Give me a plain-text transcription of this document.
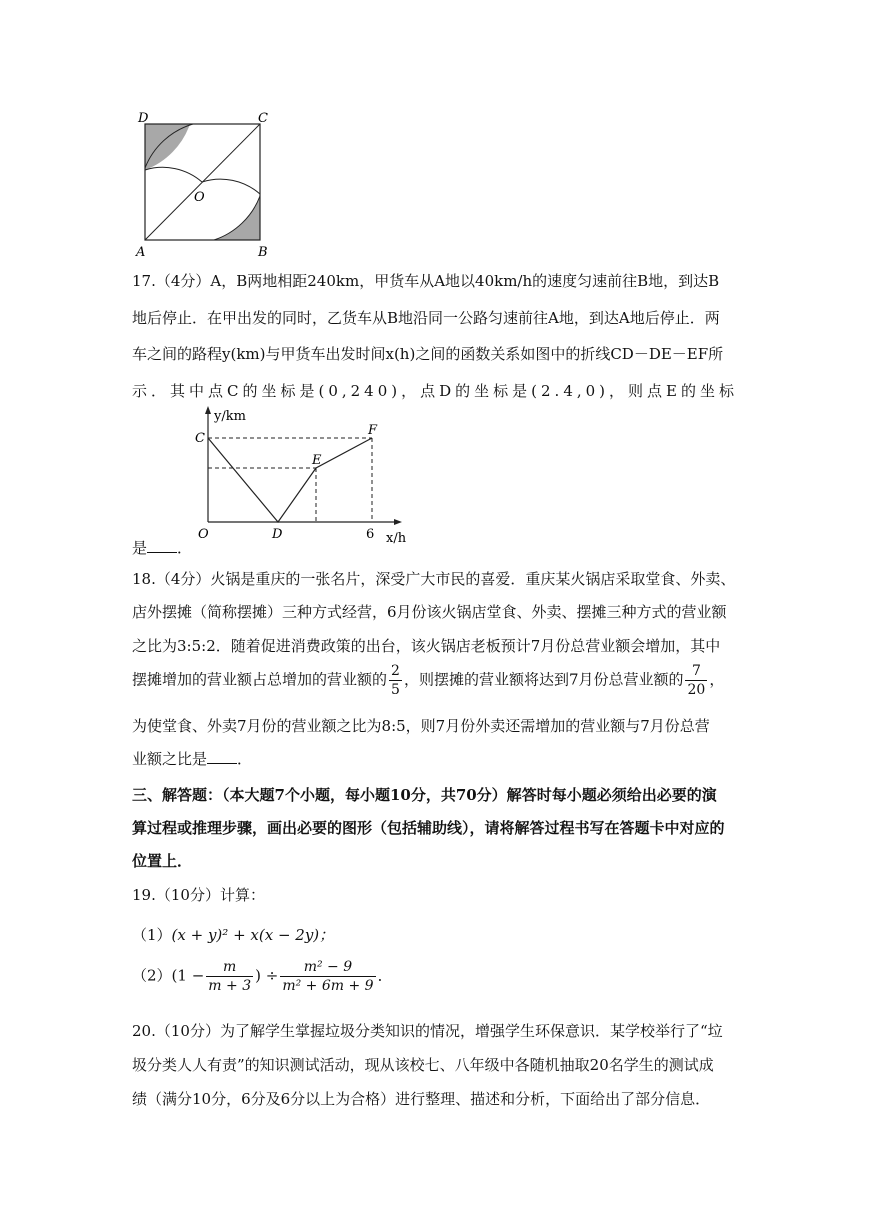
D	C
O
A	B
17.（4分）A，B两地相距240km，甲货车从A地以40km/h的速度匀速前往B地，到达B
地后停止．在甲出发的同时，乙货车从B地沿同一公路匀速前往A地，到达A地后停止．两
车之间的路程y(km)与甲货车出发时间x(h)之间的函数关系如图中的折线CD－DE－EF所
示．其中点C的坐标是(0,240)，点D的坐标是(2.4,0)，则点E的坐标
y/km
C
F
E
O	D	6 x/h
是 ．
18.（4分）火锅是重庆的一张名片，深受广大市民的喜爱．重庆某火锅店采取堂食、外卖、
店外摆摊（简称摆摊）三种方式经营，6月份该火锅店堂食、外卖、摆摊三种方式的营业额
之比为3:5:2．随着促进消费政策的出台，该火锅店老板预计7月份总营业额会增加，其中
摆摊增加的营业额占总增加的营业额的 $\frac{2}{5}$ ，则摆摊的营业额将达到7月份总营业额的 $\frac{7}{20}$ ，
为使堂食、外卖7月份的营业额之比为8:5，则7月份外卖还需增加的营业额与7月份总营
业额之比是 ．
三、解答题：（本大题7个小题，每小题10分，共70分）解答时每小题必须给出必要的演
算过程或推理步骤，画出必要的图形（包括辅助线），请将解答过程书写在答题卡中对应的
位置上．
19.（10分）计算：
（1）(x + y)² + x(x − 2y)；
$(2)(1 - \frac{m}{m + 3}$ ) ÷ $\frac{\text{m² − 9}}{\text{m² + 6m + 9}}$ ．
20.（10分）为了解学生掌握垃圾分类知识的情况，增强学生环保意识．某学校举行了“垃
圾分类人人有责”的知识测试活动，现从该校七、八年级中各随机抽取20名学生的测试成
绩（满分10分，6分及6分以上为合格）进行整理、描述和分析，下面给出了部分信息．
